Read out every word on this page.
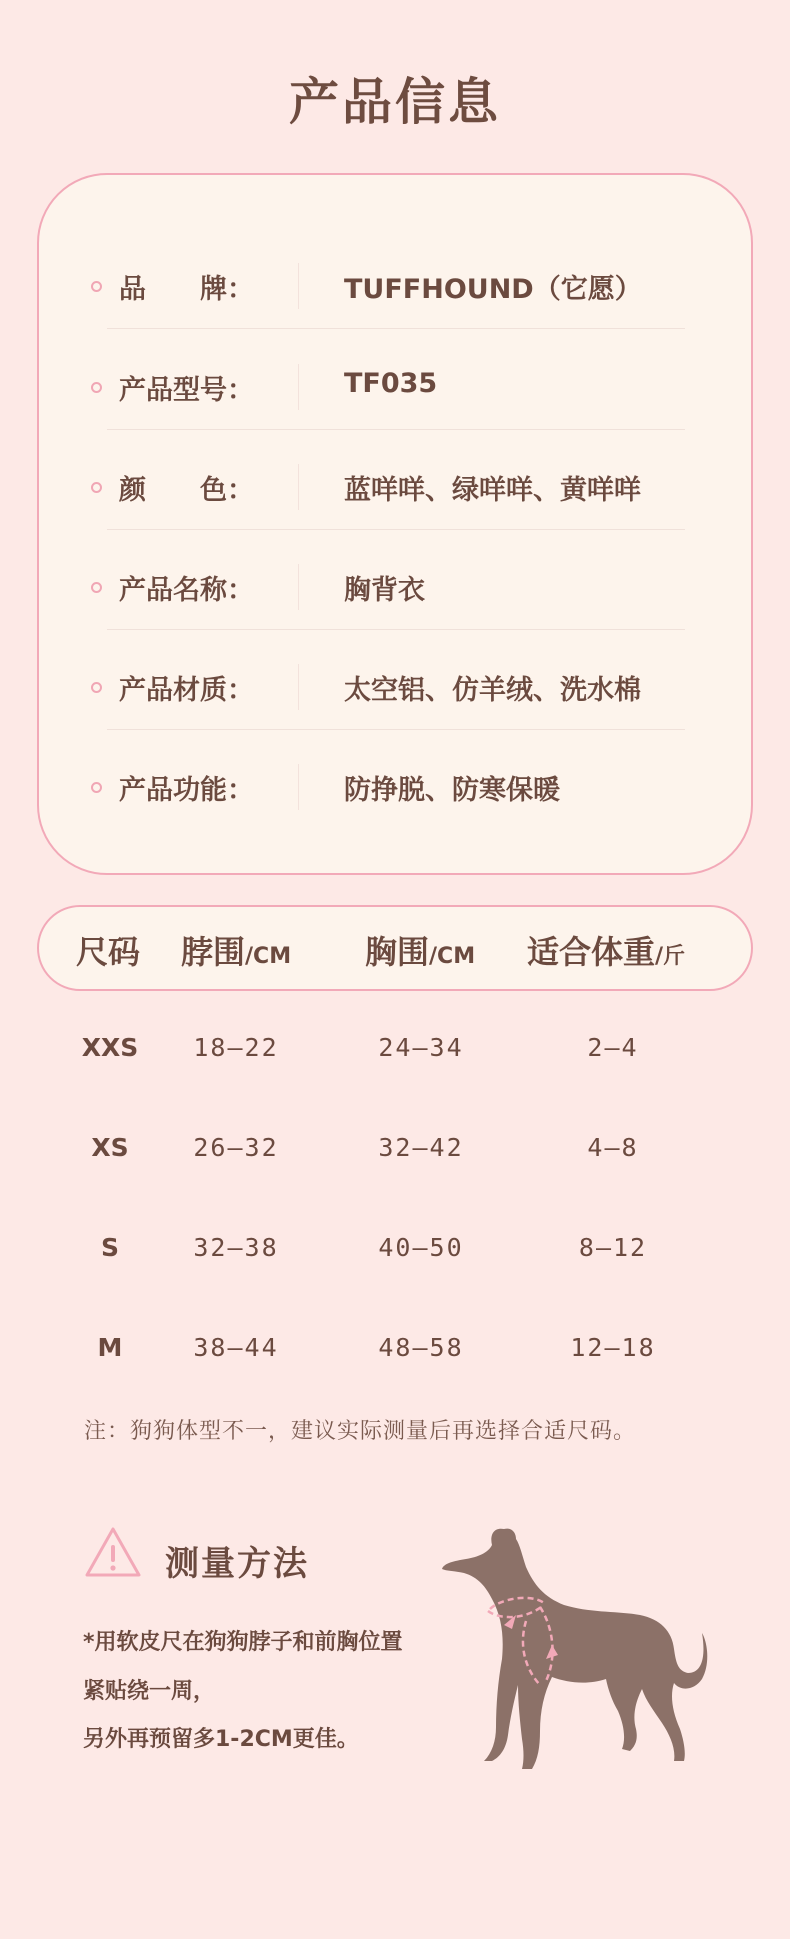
产品信息
品　　牌：	TUFFHOUND（它愿）
产品型号：	TF035
颜　　色：	蓝咩咩、绿咩咩、黄咩咩
产品名称：	胸背衣
产品材质：	太空铝、仿羊绒、洗水棉
产品功能：	防挣脱、防寒保暖
尺码 脖围/CM 胸围/CM 适合体重/斤
XXS	18—22	24—34	2—4
XS	26—32	32—42	4—8
S	32—38	40—50	8—12
M	38—44	48—58	12—18
注：狗狗体型不一，建议实际测量后再选择合适尺码。
测量方法
*用软皮尺在狗狗脖子和前胸位置
紧贴绕一周，
另外再预留多1-2CM更佳。
